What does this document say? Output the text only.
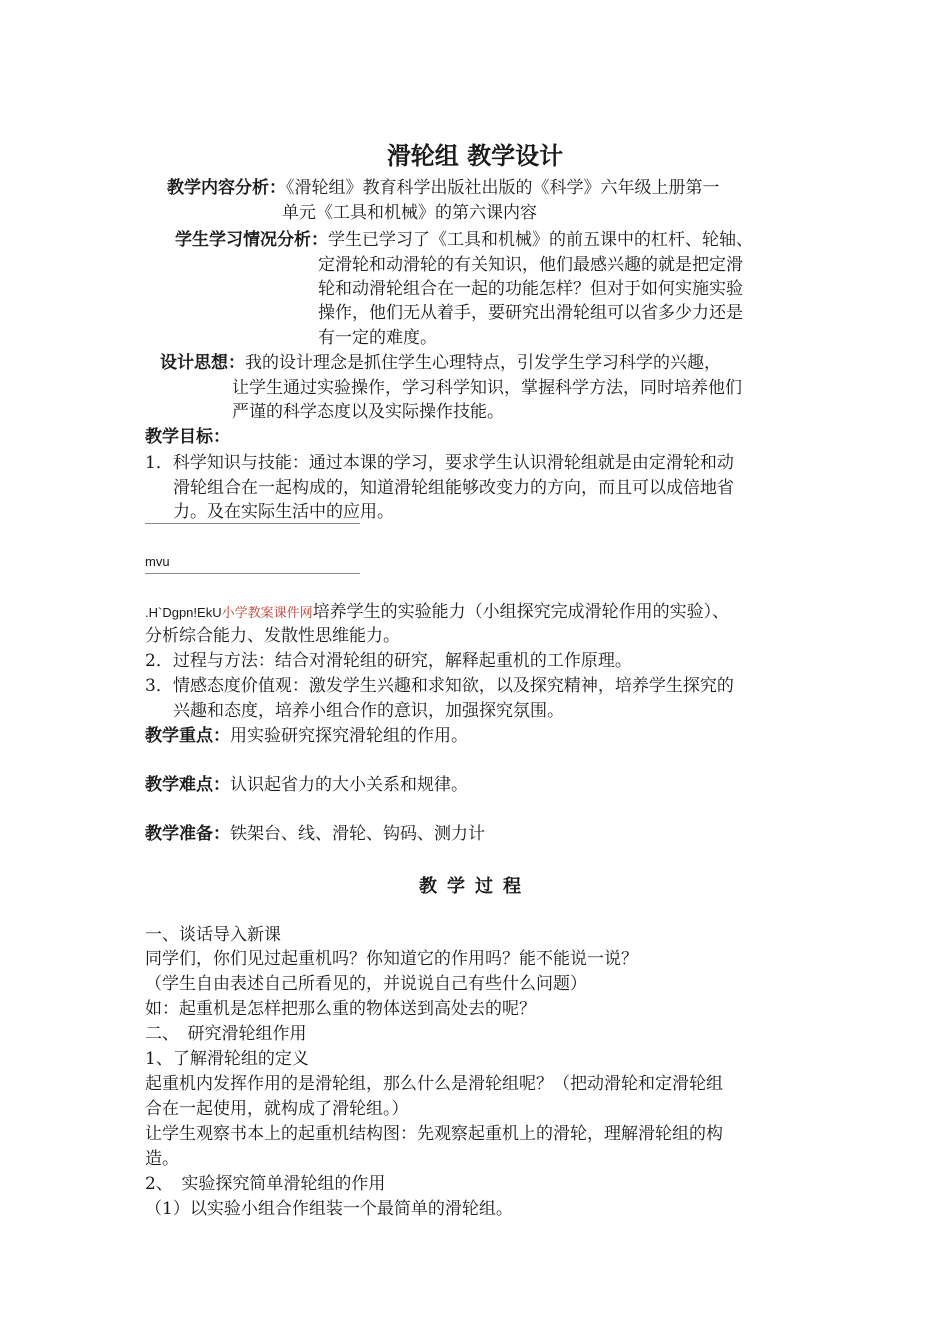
滑轮组 教学设计
教学内容分析：《滑轮组》教育科学出版社出版的《科学》六年级上册第一
单元《工具和机械》的第六课内容
学生学习情况分析：学生已学习了《工具和机械》的前五课中的杠杆、轮轴、
定滑轮和动滑轮的有关知识，他们最感兴趣的就是把定滑
轮和动滑轮组合在一起的功能怎样？但对于如何实施实验
操作，他们无从着手，要研究出滑轮组可以省多少力还是
有一定的难度。
设计思想：我的设计理念是抓住学生心理特点，引发学生学习科学的兴趣，
让学生通过实验操作，学习科学知识，掌握科学方法，同时培养他们
严谨的科学态度以及实际操作技能。
教学目标：
1．科学知识与技能：通过本课的学习，要求学生认识滑轮组就是由定滑轮和动
滑轮组合在一起构成的，知道滑轮组能够改变力的方向，而且可以成倍地省
力。及在实际生活中的应用。
mvu
.H`Dgpn!EkU小学教案课件网培养学生的实验能力（小组探究完成滑轮作用的实验）、
分析综合能力、发散性思维能力。
2．过程与方法：结合对滑轮组的研究，解释起重机的工作原理。
3．情感态度价值观：激发学生兴趣和求知欲，以及探究精神，培养学生探究的
兴趣和态度，培养小组合作的意识，加强探究氛围。
教学重点：用实验研究探究滑轮组的作用。
教学难点：认识起省力的大小关系和规律。
教学准备：铁架台、线、滑轮、钩码、测力计
教学过程
一、谈话导入新课
同学们，你们见过起重机吗？你知道它的作用吗？能不能说一说？
（学生自由表述自己所看见的，并说说自己有些什么问题）
如：起重机是怎样把那么重的物体送到高处去的呢？
二、　研究滑轮组作用
1、了解滑轮组的定义
起重机内发挥作用的是滑轮组，那么什么是滑轮组呢？（把动滑轮和定滑轮组
合在一起使用，就构成了滑轮组。）
让学生观察书本上的起重机结构图：先观察起重机上的滑轮，理解滑轮组的构
造。
2、　实验探究简单滑轮组的作用
（1）以实验小组合作组装一个最简单的滑轮组。
